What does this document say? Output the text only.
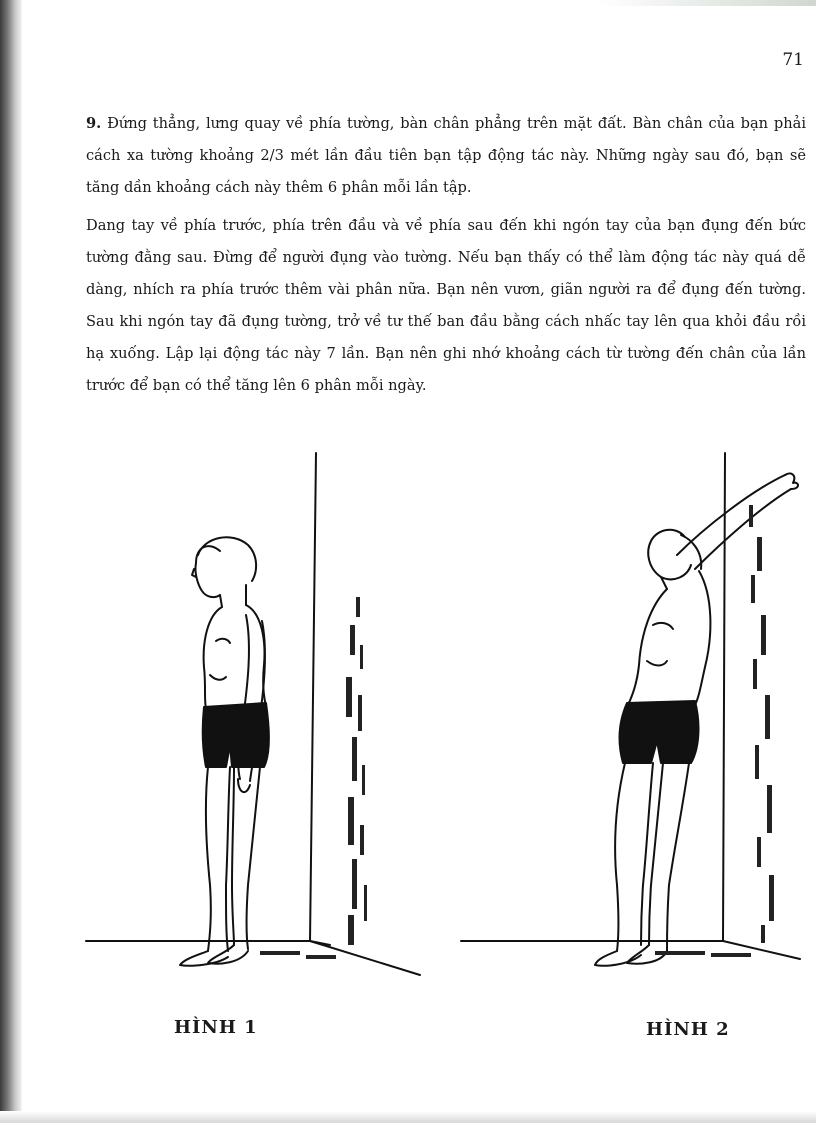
71

9. Đứng thẳng, lưng quay về phía tường, bàn chân phẳng trên mặt đất. Bàn chân của bạn phải cách xa tường khoảng 2/3 mét lần đầu tiên bạn tập động tác này. Những ngày sau đó, bạn sẽ tăng dần khoảng cách này thêm 6 phân mỗi lần tập.

Dang tay về phía trước, phía trên đầu và về phía sau đến khi ngón tay của bạn đụng đến bức tường đằng sau. Đừng để người đụng vào tường. Nếu bạn thấy có thể làm động tác này quá dễ dàng, nhích ra phía trước thêm vài phân nữa. Bạn nên vươn, giãn người ra để đụng đến tường. Sau khi ngón tay đã đụng tường, trở về tư thế ban đầu bằng cách nhấc tay lên qua khỏi đầu rồi hạ xuống. Lập lại động tác này 7 lần. Bạn nên ghi nhớ khoảng cách từ tường đến chân của lần trước để bạn có thể tăng lên 6 phân mỗi ngày.

HÌNH 1	HÌNH 2
